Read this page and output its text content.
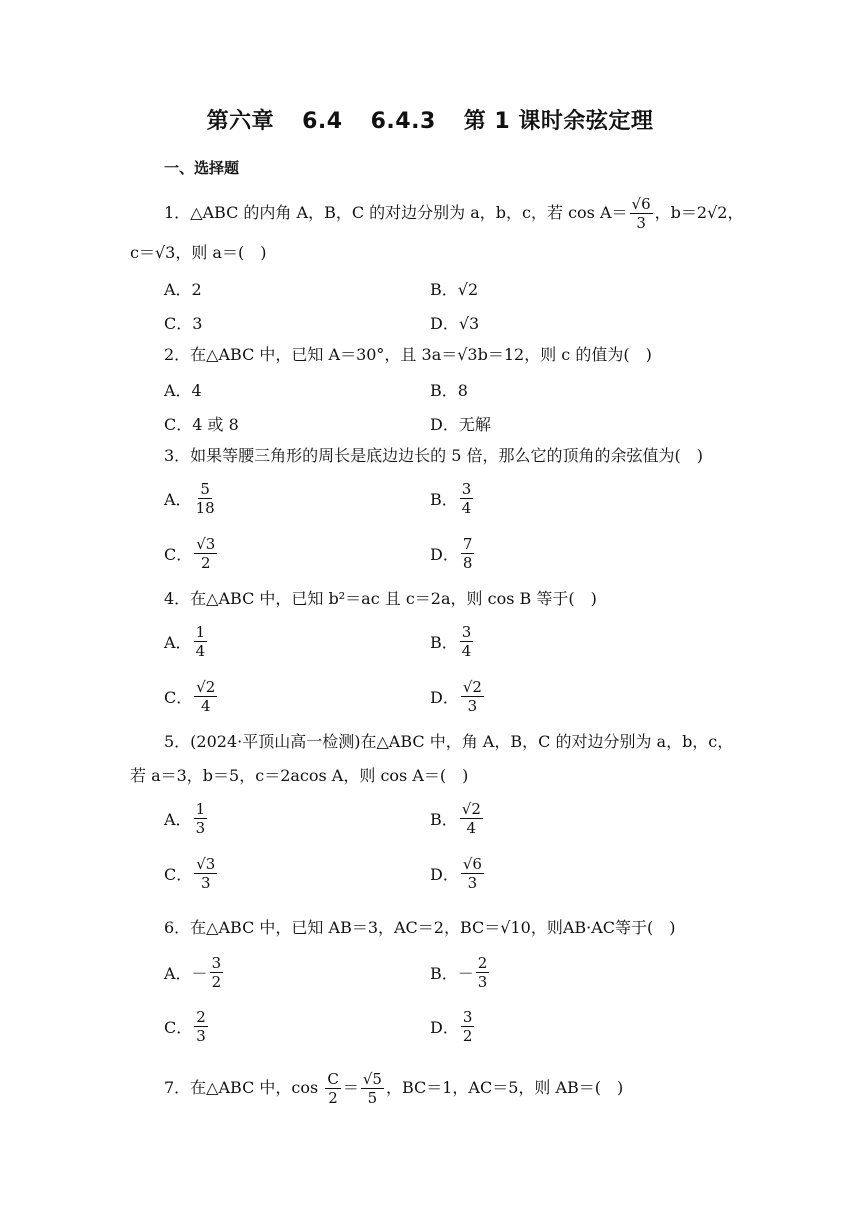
第六章 6.4 6.4.3 第 1 课时余弦定理
一、选择题
1．△ABC 的内角 A，B，C 的对边分别为 a，b，c，若 $\cos A= \frac{√6}{3}$ ，b＝2√2，
c＝√3，则 a＝(　)
A．2	B．√2
C．3	D．√3
2．在△ABC 中，已知 A＝30°，且 3a＝√3b＝12，则 c 的值为(　)
A．4	B．8
C．4 或 8	D．无解
3．如果等腰三角形的周长是底边边长的 5 倍，那么它的顶角的余弦值为(　)
A． $\frac{5}{18}$	B． $\frac{3}{4}$
C． $\frac{√3}{2}$	D． $\frac{7}{8}$
4．在△ABC 中，已知 b²＝ac 且 c＝2a，则 cos B 等于(　)
A． $\frac{1}{4}$	B． $\frac{3}{4}$
C． $\frac{√2}{4}$	D． $\frac{√2}{3}$
5．(2024·平顶山高一检测)在△ABC 中，角 A，B，C 的对边分别为 a，b，c，
若 a＝3，b＝5，c＝2acos A，则 cos A＝(　)
A． $\frac{1}{3}$	B． $\frac{√2}{4}$
C． $\frac{√3}{3}$	D． $\frac{√6}{3}$
6．在△ABC 中，已知 AB＝3，AC＝2，BC＝√10，则AB·AC等于(　)
A．－ $\frac{3}{2}$	B．－ $\frac{2}{3}$
C． $\frac{2}{3}$	D． $\frac{3}{2}$
7．在△ABC 中，$\cos \frac{C}{2} = \frac{√5}{5}$ ，BC＝1，AC＝5，则 AB＝(　)
